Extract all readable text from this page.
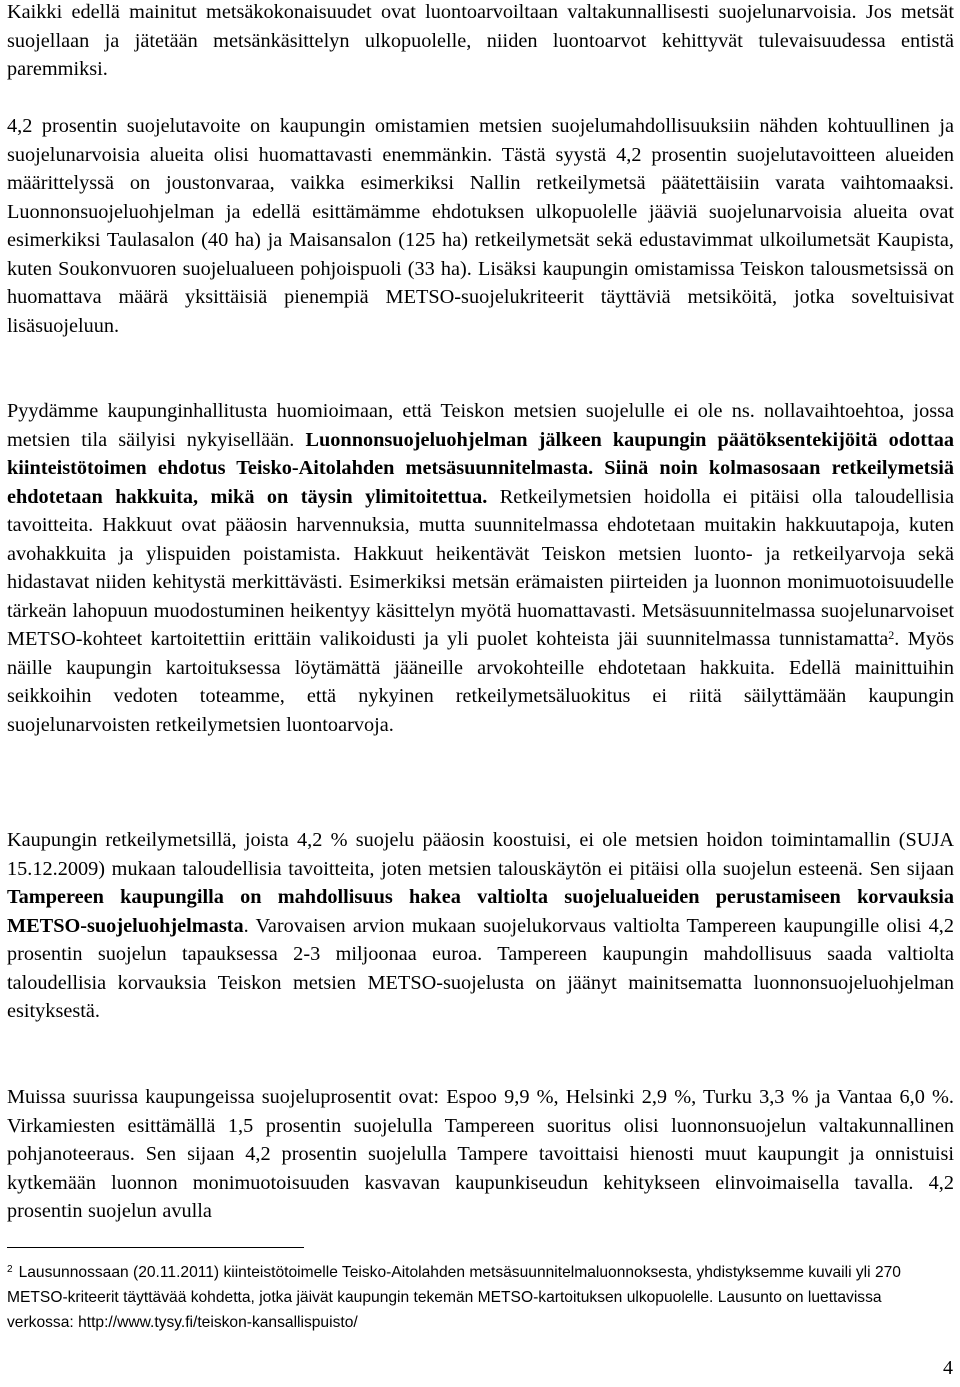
Kaikki edellä mainitut metsäkokonaisuudet ovat luontoarvoiltaan valtakunnallisesti suojelunarvoisia. Jos metsät suojellaan ja jätetään metsänkäsittelyn ulkopuolelle, niiden luontoarvot kehittyvät tulevaisuudessa entistä paremmiksi.

4,2 prosentin suojelutavoite on kaupungin omistamien metsien suojelumahdollisuuksiin nähden kohtuullinen ja suojelunarvoisia alueita olisi huomattavasti enemmänkin. Tästä syystä 4,2 prosentin suojelutavoitteen alueiden määrittelyssä on joustonvaraa, vaikka esimerkiksi Nallin retkeilymetsä päätettäisiin varata vaihtomaaksi. Luonnonsuojeluohjelman ja edellä esittämämme ehdotuksen ulkopuolelle jääviä suojelunarvoisia alueita ovat esimerkiksi Taulasalon (40 ha) ja Maisansalon (125 ha) retkeilymetsät sekä edustavimmat ulkoilumetsät Kaupista, kuten Soukonvuoren suojelualueen pohjoispuoli (33 ha). Lisäksi kaupungin omistamissa Teiskon talousmetsissä on huomattava määrä yksittäisiä pienempiä METSO-suojelukriteerit täyttäviä metsiköitä, jotka soveltuisivat lisäsuojeluun.

Pyydämme kaupunginhallitusta huomioimaan, että Teiskon metsien suojelulle ei ole ns. nollavaihtoehtoa, jossa metsien tila säilyisi nykyisellään. Luonnonsuojeluohjelman jälkeen kaupungin päätöksentekijöitä odottaa kiinteistötoimen ehdotus Teisko-Aitolahden metsäsuunnitelmasta. Siinä noin kolmasosaan retkeilymetsiä ehdotetaan hakkuita, mikä on täysin ylimitoitettua. Retkeilymetsien hoidolla ei pitäisi olla taloudellisia tavoitteita. Hakkuut ovat pääosin harvennuksia, mutta suunnitelmassa ehdotetaan muitakin hakkuutapoja, kuten avohakkuita ja ylispuiden poistamista. Hakkuut heikentävät Teiskon metsien luonto- ja retkeilyarvoja sekä hidastavat niiden kehitystä merkittävästi. Esimerkiksi metsän erämaisten piirteiden ja luonnon monimuotoisuudelle tärkeän lahopuun muodostuminen heikentyy käsittelyn myötä huomattavasti. Metsäsuunnitelmassa suojelunarvoiset METSO-kohteet kartoitettiin erittäin valikoidusti ja yli puolet kohteista jäi suunnitelmassa tunnistamatta$^2$. Myös näille kaupungin kartoituksessa löytämättä jääneille arvokohteille ehdotetaan hakkuita. Edellä mainittuihin seikkoihin vedoten toteamme, että nykyinen retkeilymetsäluokitus ei riitä säilyttämään kaupungin suojelunarvoisten retkeilymetsien luontoarvoja.

Kaupungin retkeilymetsillä, joista 4,2 % suojelu pääosin koostuisi, ei ole metsien hoidon toimintamallin (SUJA 15.12.2009) mukaan taloudellisia tavoitteita, joten metsien talouskäytön ei pitäisi olla suojelun esteenä. Sen sijaan Tampereen kaupungilla on mahdollisuus hakea valtiolta suojelualueiden perustamiseen korvauksia METSO-suojeluohjelmasta. Varovaisen arvion mukaan suojelukorvaus valtiolta Tampereen kaupungille olisi 4,2 prosentin suojelun tapauksessa 2-3 miljoonaa euroa. Tampereen kaupungin mahdollisuus saada valtiolta taloudellisia korvauksia Teiskon metsien METSO-suojelusta on jäänyt mainitsematta luonnonsuojeluohjelman esityksestä.

Muissa suurissa kaupungeissa suojeluprosentit ovat: Espoo 9,9 %, Helsinki 2,9 %, Turku 3,3 % ja Vantaa 6,0 %. Virkamiesten esittämällä 1,5 prosentin suojelulla Tampereen suoritus olisi luonnonsuojelun valtakunnallinen pohjanoteeraus. Sen sijaan 4,2 prosentin suojelulla Tampere tavoittaisi hienosti muut kaupungit ja onnistuisi kytkemään luonnon monimuotoisuuden kasvavan kaupunkiseudun kehitykseen elinvoimaisella tavalla. 4,2 prosentin suojelun avulla

$^2$ Lausunnossaan (20.11.2011) kiinteistötoimelle Teisko-Aitolahden metsäsuunnitelmaluonnoksesta, yhdistyksemme kuvaili yli 270 METSO-kriteerit täyttävää kohdetta, jotka jäivät kaupungin tekemän METSO-kartoituksen ulkopuolelle. Lausunto on luettavissa verkossa: http://www.tysy.fi/teiskon-kansallispuisto/

4
